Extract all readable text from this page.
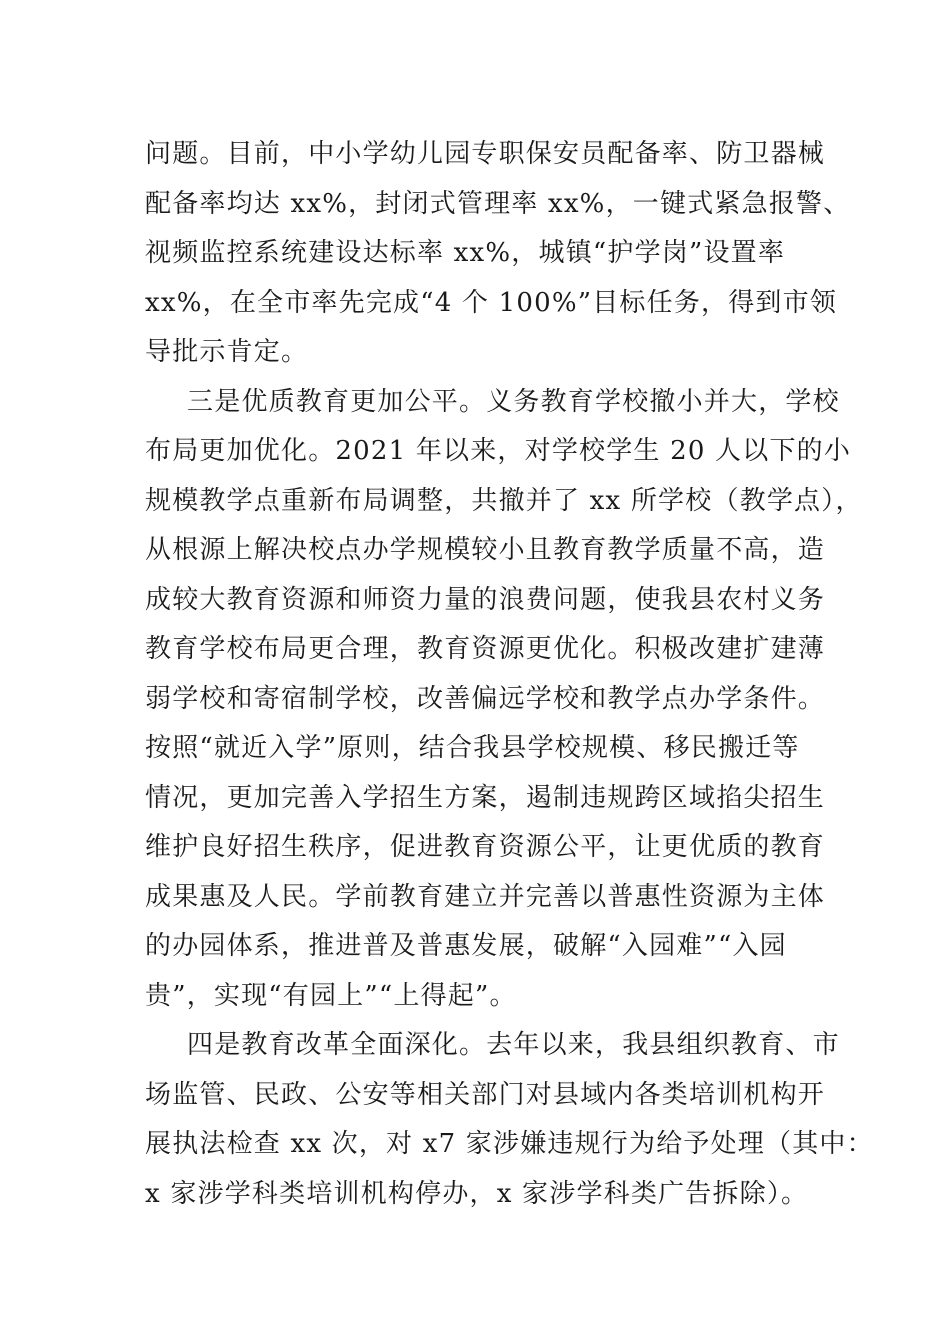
问题。目前，中小学幼儿园专职保安员配备率、防卫器械
配备率均达 xx%，封闭式管理率 xx%，一键式紧急报警、
视频监控系统建设达标率 xx%，城镇“护学岗”设置率
xx%，在全市率先完成“4 个 100%”目标任务，得到市领
导批示肯定。
三是优质教育更加公平。义务教育学校撤小并大，学校
布局更加优化。2021 年以来，对学校学生 20 人以下的小
规模教学点重新布局调整，共撤并了 xx 所学校（教学点），
从根源上解决校点办学规模较小且教育教学质量不高，造
成较大教育资源和师资力量的浪费问题，使我县农村义务
教育学校布局更合理，教育资源更优化。积极改建扩建薄
弱学校和寄宿制学校，改善偏远学校和教学点办学条件。
按照“就近入学”原则，结合我县学校规模、移民搬迁等
情况，更加完善入学招生方案，遏制违规跨区域掐尖招生
维护良好招生秩序，促进教育资源公平，让更优质的教育
成果惠及人民。学前教育建立并完善以普惠性资源为主体
的办园体系，推进普及普惠发展，破解“入园难”“入园
贵”，实现“有园上”“上得起”。
四是教育改革全面深化。去年以来，我县组织教育、市
场监管、民政、公安等相关部门对县域内各类培训机构开
展执法检查 xx 次，对 x7 家涉嫌违规行为给予处理（其中：
x 家涉学科类培训机构停办，x 家涉学科类广告拆除）。
